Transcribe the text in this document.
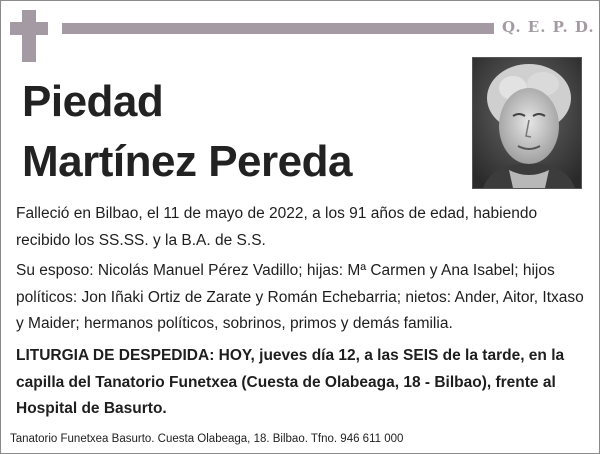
Q. E. P. D.
Piedad
Martínez Pereda
Falleció en Bilbao, el 11 de mayo de 2022, a los 91 años de edad, habiendo recibido los SS.SS. y la B.A. de S.S.
Su esposo: Nicolás Manuel Pérez Vadillo; hijas: Mª Carmen y Ana Isabel; hijos políticos: Jon Iñaki Ortiz de Zarate y Román Echebarria; nietos: Ander, Aitor, Itxaso y Maider; hermanos políticos, sobrinos, primos y demás familia.
LITURGIA DE DESPEDIDA: HOY, jueves día 12, a las SEIS de la tarde, en la capilla del Tanatorio Funetxea (Cuesta de Olabeaga, 18 - Bilbao), frente al Hospital de Basurto.
Tanatorio Funetxea Basurto. Cuesta Olabeaga, 18. Bilbao. Tfno. 946 611 000
